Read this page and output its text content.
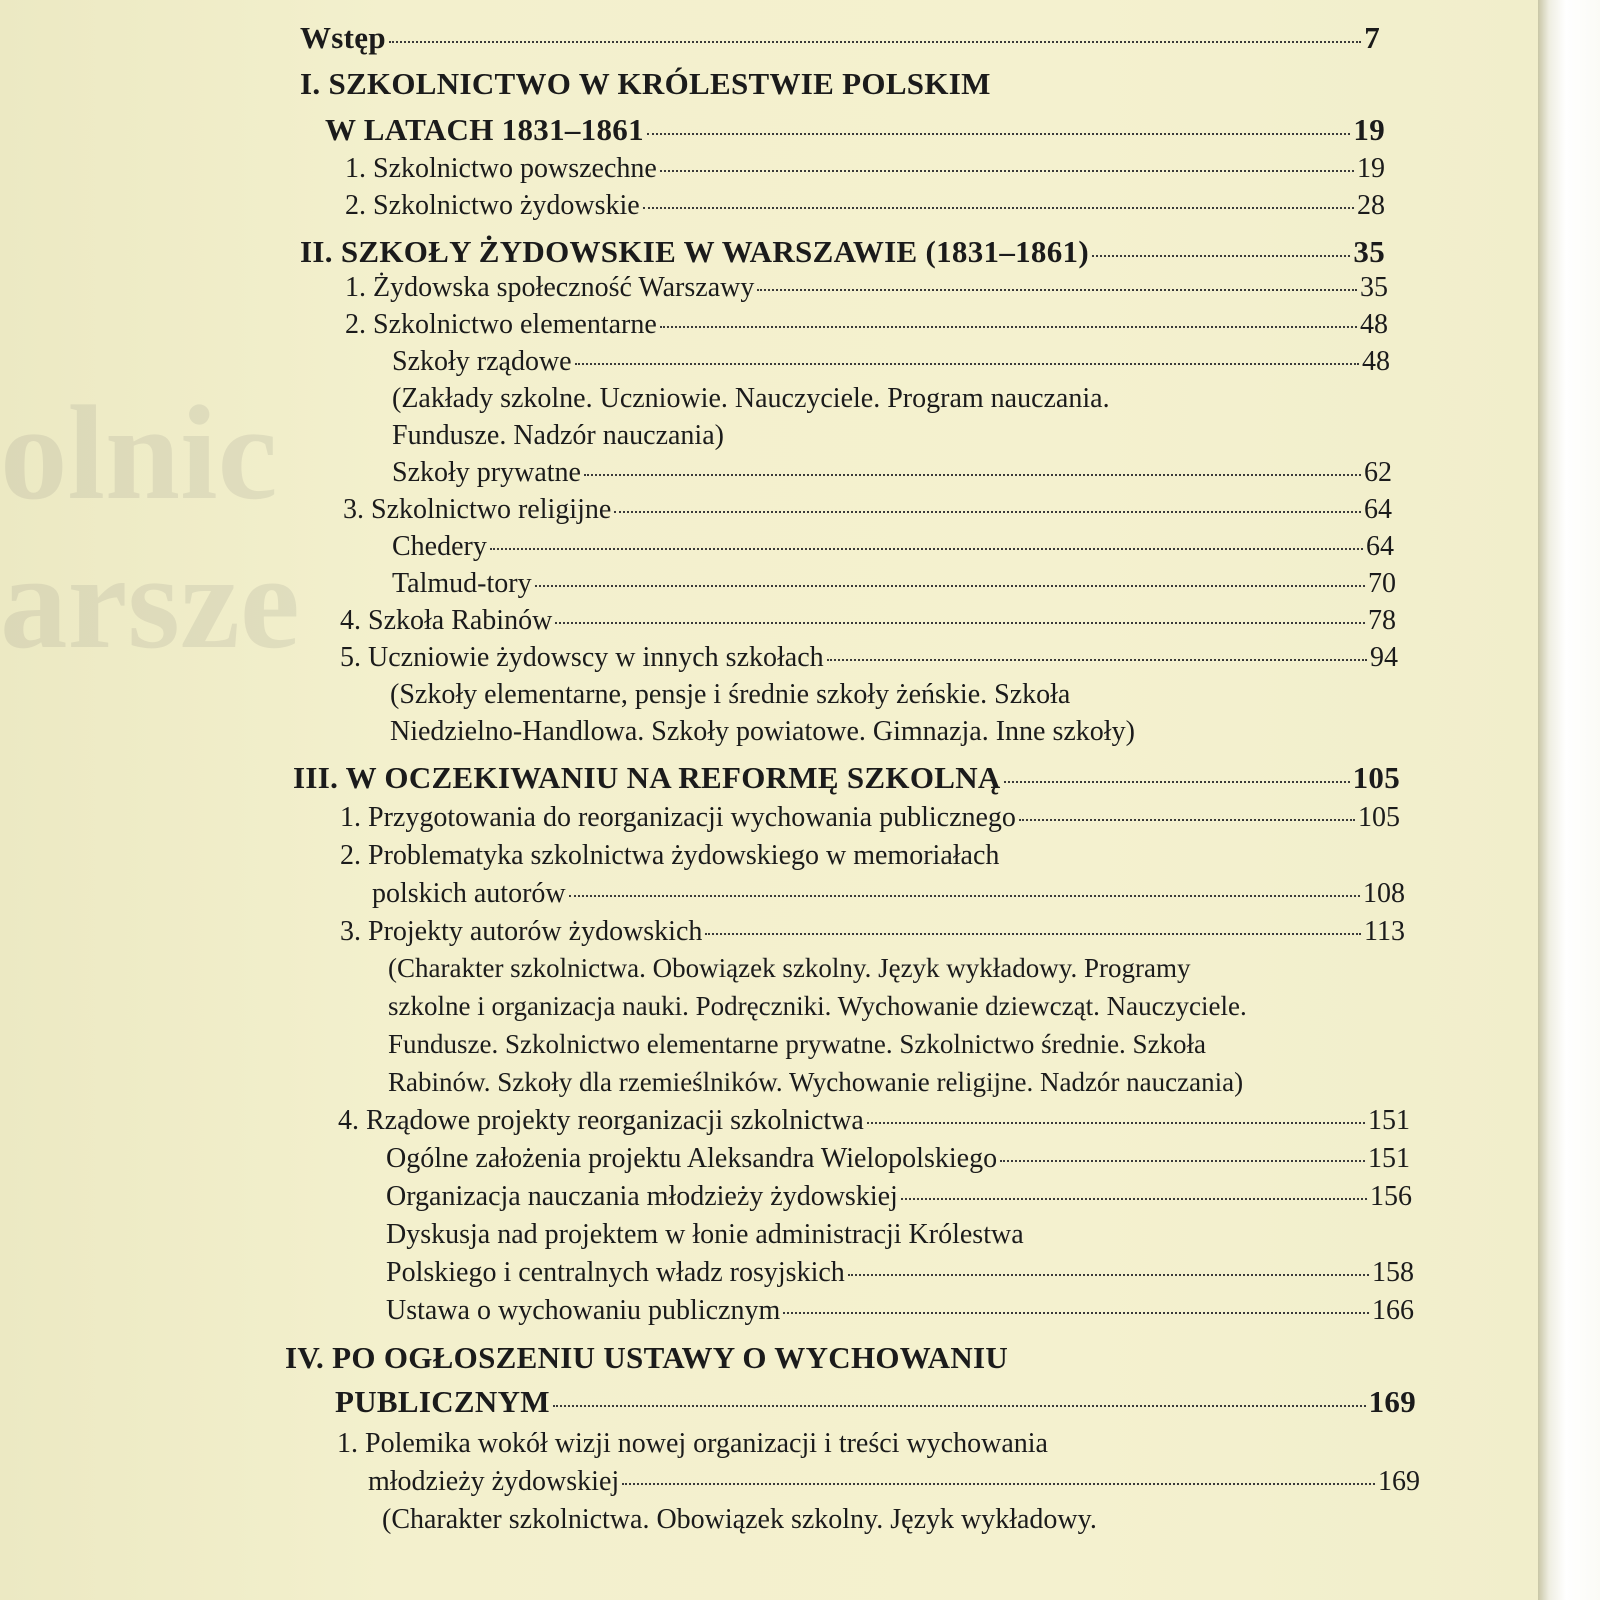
olnic
arsze
Wstęp	7
I. SZKOLNICTWO W KRÓLESTWIE POLSKIM
W LATACH 1831–1861	19
1. Szkolnictwo powszechne	19
2. Szkolnictwo żydowskie	28
II. SZKOŁY ŻYDOWSKIE W WARSZAWIE (1831–1861)	35
1. Żydowska społeczność Warszawy	35
2. Szkolnictwo elementarne	48
Szkoły rządowe	48
(Zakłady szkolne. Uczniowie. Nauczyciele. Program nauczania.
Fundusze. Nadzór nauczania)
Szkoły prywatne	62
3. Szkolnictwo religijne	64
Chedery	64
Talmud-tory	70
4. Szkoła Rabinów	78
5. Uczniowie żydowscy w innych szkołach	94
(Szkoły elementarne, pensje i średnie szkoły żeńskie. Szkoła
Niedzielno-Handlowa. Szkoły powiatowe. Gimnazja. Inne szkoły)
III. W OCZEKIWANIU NA REFORMĘ SZKOLNĄ	105
1. Przygotowania do reorganizacji wychowania publicznego	105
2. Problematyka szkolnictwa żydowskiego w memoriałach
polskich autorów	108
3. Projekty autorów żydowskich	113
(Charakter szkolnictwa. Obowiązek szkolny. Język wykładowy. Programy
szkolne i organizacja nauki. Podręczniki. Wychowanie dziewcząt. Nauczyciele.
Fundusze. Szkolnictwo elementarne prywatne. Szkolnictwo średnie. Szkoła
Rabinów. Szkoły dla rzemieślników. Wychowanie religijne. Nadzór nauczania)
4. Rządowe projekty reorganizacji szkolnictwa	151
Ogólne założenia projektu Aleksandra Wielopolskiego	151
Organizacja nauczania młodzieży żydowskiej	156
Dyskusja nad projektem w łonie administracji Królestwa
Polskiego i centralnych władz rosyjskich	158
Ustawa o wychowaniu publicznym	166
IV. PO OGŁOSZENIU USTAWY O WYCHOWANIU
PUBLICZNYM	169
1. Polemika wokół wizji nowej organizacji i treści wychowania
młodzieży żydowskiej	169
(Charakter szkolnictwa. Obowiązek szkolny. Język wykładowy.
